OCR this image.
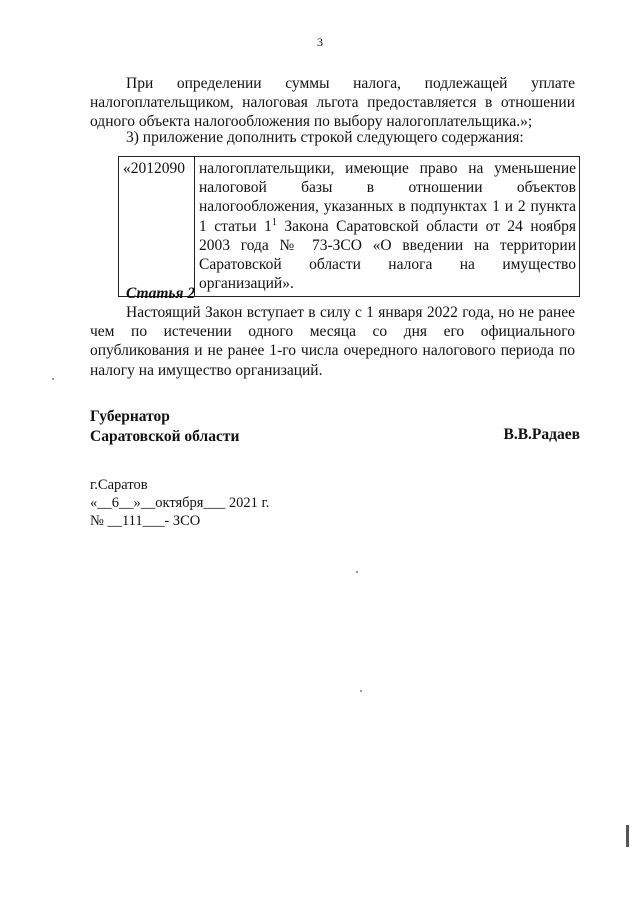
3

При определении суммы налога, подлежащей уплате налогоплательщиком, налоговая льгота предоставляется в отношении одного объекта налогообложения по выбору налогоплательщика.»;

3) приложение дополнить строкой следующего содержания:

«2012090	налогоплательщики, имеющие право на уменьшение налоговой базы в отношении объектов налогообложения, указанных в подпунктах 1 и 2 пункта 1 статьи $1^1$ Закона Саратовской области от 24 ноября 2003 года № 73-ЗСО «О введении на территории Саратовской области налога на имущество организаций».
Статья 2

Настоящий Закон вступает в силу с 1 января 2022 года, но не ранее чем по истечении одного месяца со дня его официального опубликования и не ранее 1-го числа очередного налогового периода по налогу на имущество организаций.

Губернатор
Саратовской области	В.В.Радаев
г.Саратов
«__6__»__октября___ 2021 г.
№ __111___- ЗСО
